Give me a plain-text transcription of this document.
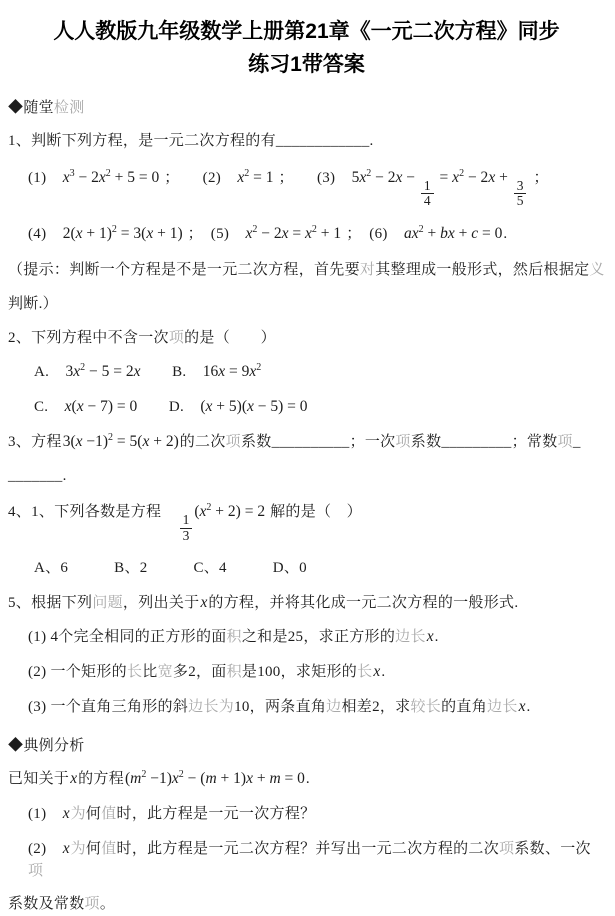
人人教版九年级数学上册第21章《一元二次方程》同步
练习1带答案
◆随堂检测
1、判断下列方程，是一元二次方程的有____________.
(1)　$x^3 - 2x^2 + 5 = 0$ ；　　(2)　$x^2 = 1$ ；　　(3)　$5x^2 - 2x$ −
$\frac{1}{4}$
= $x^2 - 2x$ +
$\frac{3}{5}$
；
(4)　$2(x + 1)^2 = 3(x + 1)$ ；　(5)　$x^2 - 2x = x^2 + 1$ ；　(6)　$ax^2$ + bx + c = 0.
（提示：判断一个方程是不是一元二次方程，首先要对其整理成一般形式，然后根据定义
判断.）
2、下列方程中不含一次项的是（　　）
A.　$3x^2 - 5 = 2x$　　B.　$16x = 9x^2$
C.　x(x − 7) = 0　　D.　(x + 5)(x − 5) = 0
3、方程$3(x -1)^2 = 5(x + 2)$的二次项系数__________；一次项系数_________；常数项_
_______.
4、1、下列各数是方程　
$\frac{1}{3}$
$(x^2 + 2) = 2$ 解的是（　）
A、6　　　B、2　　　C、4　　　D、0
5、根据下列问题，列出关于x的方程，并将其化成一元二次方程的一般形式.
(1) 4个完全相同的正方形的面积之和是25，求正方形的边长x.
(2) 一个矩形的长比宽多2，面积是100，求矩形的长x.
(3) 一个直角三角形的斜边长为10，两条直角边相差2，求较长的直角边长x.
◆典例分析
已知关于x的方程$(m^2 -1)x^2 - (m + 1)x + m = 0$.
(1)　x为何值时，此方程是一元一次方程？
(2)　x为何值时，此方程是一元二次方程？并写出一元二次方程的二次项系数、一次项
系数及常数项。
